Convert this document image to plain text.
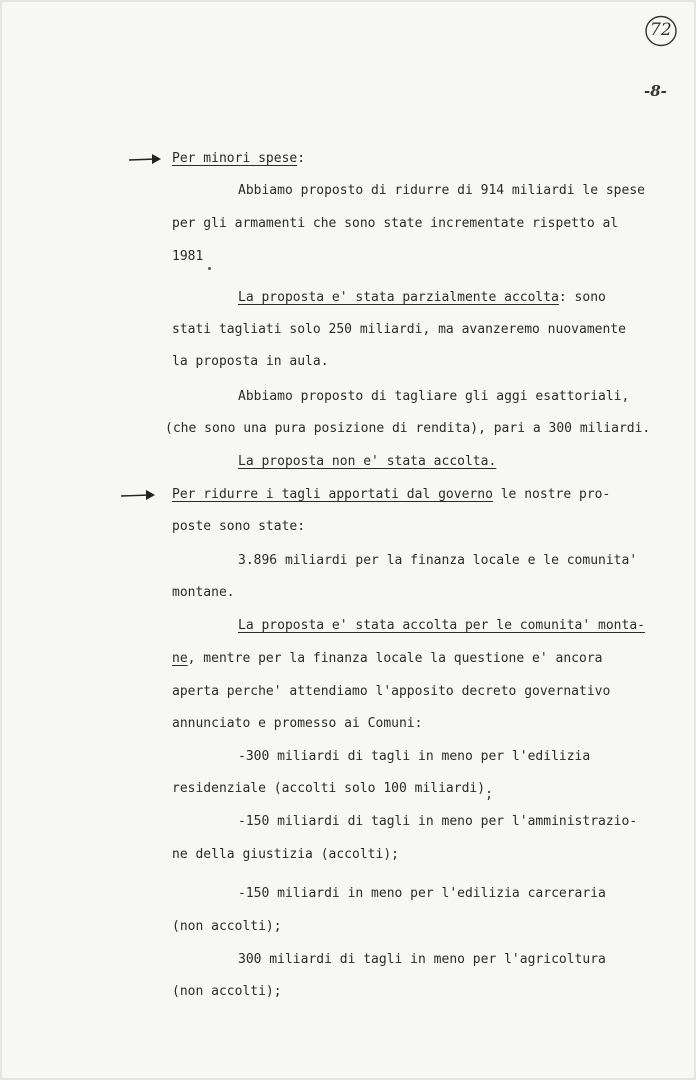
72
-8-
Per minori spese:
Abbiamo proposto di ridurre di 914 miliardi le spese
per gli armamenti che sono state incrementate rispetto al
1981
La proposta e' stata parzialmente accolta: sono
stati tagliati solo 250 miliardi, ma avanzeremo nuovamente
la proposta in aula.
Abbiamo proposto di tagliare gli aggi esattoriali,
(che sono una pura posizione di rendita), pari a 300 miliardi.
La proposta non e' stata accolta.
Per ridurre i tagli apportati dal governo le nostre pro-
poste sono state:
3.896 miliardi per la finanza locale e le comunita'
montane.
La proposta e' stata accolta per le comunita' monta-
ne, mentre per la finanza locale la questione e' ancora
aperta perche' attendiamo l'apposito decreto governativo
annunciato e promesso ai Comuni:
-300 miliardi di tagli in meno per l'edilizia
residenziale (accolti solo 100 miliardi);
-150 miliardi di tagli in meno per l'amministrazio-
ne della giustizia (accolti);
-150 miliardi in meno per l'edilizia carceraria
(non accolti);
300 miliardi di tagli in meno per l'agricoltura
(non accolti);
